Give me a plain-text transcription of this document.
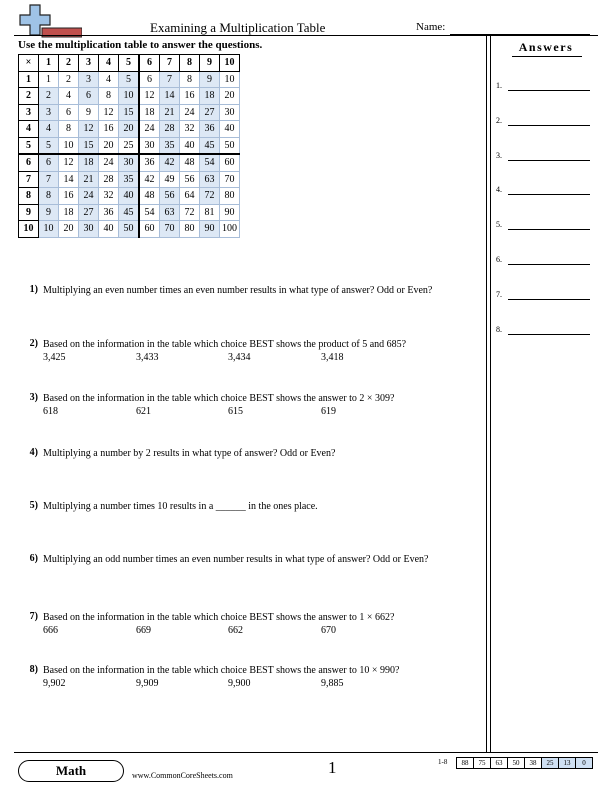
Examining a Multiplication Table	Name:
Use the multiplication table to answer the questions.
×	1	2	3	4	5	6	7	8	9	10
1	1	2	3	4	5	6	7	8	9	10
2	2	4	6	8	10	12	14	16	18	20
3	3	6	9	12	15	18	21	24	27	30
4	4	8	12	16	20	24	28	32	36	40
5	5	10	15	20	25	30	35	40	45	50
6	6	12	18	24	30	36	42	48	54	60
7	7	14	21	28	35	42	49	56	63	70
8	8	16	24	32	40	48	56	64	72	80
9	9	18	27	36	45	54	63	72	81	90
10	10	20	30	40	50	60	70	80	90	100
1) Multiplying an even number times an even number results in what type of answer? Odd or Even?
2) Based on the information in the table which choice BEST shows the product of 5 and 685?
3,425	3,433	3,434	3,418
3) Based on the information in the table which choice BEST shows the answer to 2 × 309?
618	621	615	619
4) Multiplying a number by 2 results in what type of answer? Odd or Even?
5) Multiplying a number times 10 results in a ______ in the ones place.
6) Multiplying an odd number times an even number results in what type of answer? Odd or Even?
7) Based on the information in the table which choice BEST shows the answer to 1 × 662?
666	669	662	670
8) Based on the information in the table which choice BEST shows the answer to 10 × 990?
9,902	9,909	9,900	9,885
Answers
1.
2.
3.
4.
5.
6.
7.
8.
Math	www.CommonCoreSheets.com	1	1-8	88	75	63	50	38	25	13	0
